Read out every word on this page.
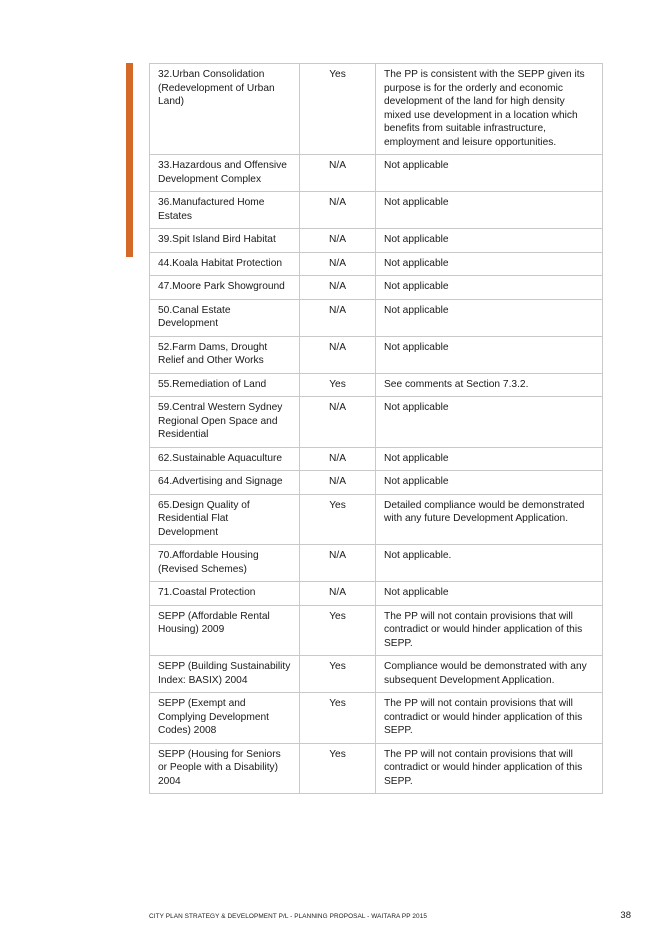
32.Urban Consolidation (Redevelopment of Urban Land)	Yes	The PP is consistent with the SEPP given its purpose is for the orderly and economic development of the land for high density mixed use development in a location which benefits from suitable infrastructure, employment and leisure opportunities.
33.Hazardous and Offensive Development Complex	N/A	Not applicable
36.Manufactured Home Estates	N/A	Not applicable
39.Spit Island Bird Habitat	N/A	Not applicable
44.Koala Habitat Protection	N/A	Not applicable
47.Moore Park Showground	N/A	Not applicable
50.Canal Estate Development	N/A	Not applicable
52.Farm Dams, Drought Relief and Other Works	N/A	Not applicable
55.Remediation of Land	Yes	See comments at Section 7.3.2.
59.Central Western Sydney Regional Open Space and Residential	N/A	Not applicable
62.Sustainable Aquaculture	N/A	Not applicable
64.Advertising and Signage	N/A	Not applicable
65.Design Quality of Residential Flat Development	Yes	Detailed compliance would be demonstrated with any future Development Application.
70.Affordable Housing (Revised Schemes)	N/A	Not applicable.
71.Coastal Protection	N/A	Not applicable
SEPP (Affordable Rental Housing) 2009	Yes	The PP will not contain provisions that will contradict or would hinder application of this SEPP.
SEPP (Building Sustainability Index: BASIX) 2004	Yes	Compliance would be demonstrated with any subsequent Development Application.
SEPP (Exempt and Complying Development Codes) 2008	Yes	The PP will not contain provisions that will contradict or would hinder application of this SEPP.
SEPP (Housing for Seniors or People with a Disability) 2004	Yes	The PP will not contain provisions that will contradict or would hinder application of this SEPP.
CITY PLAN STRATEGY & DEVELOPMENT P/L - PLANNING PROPOSAL - WAITARA PP 2015	38
